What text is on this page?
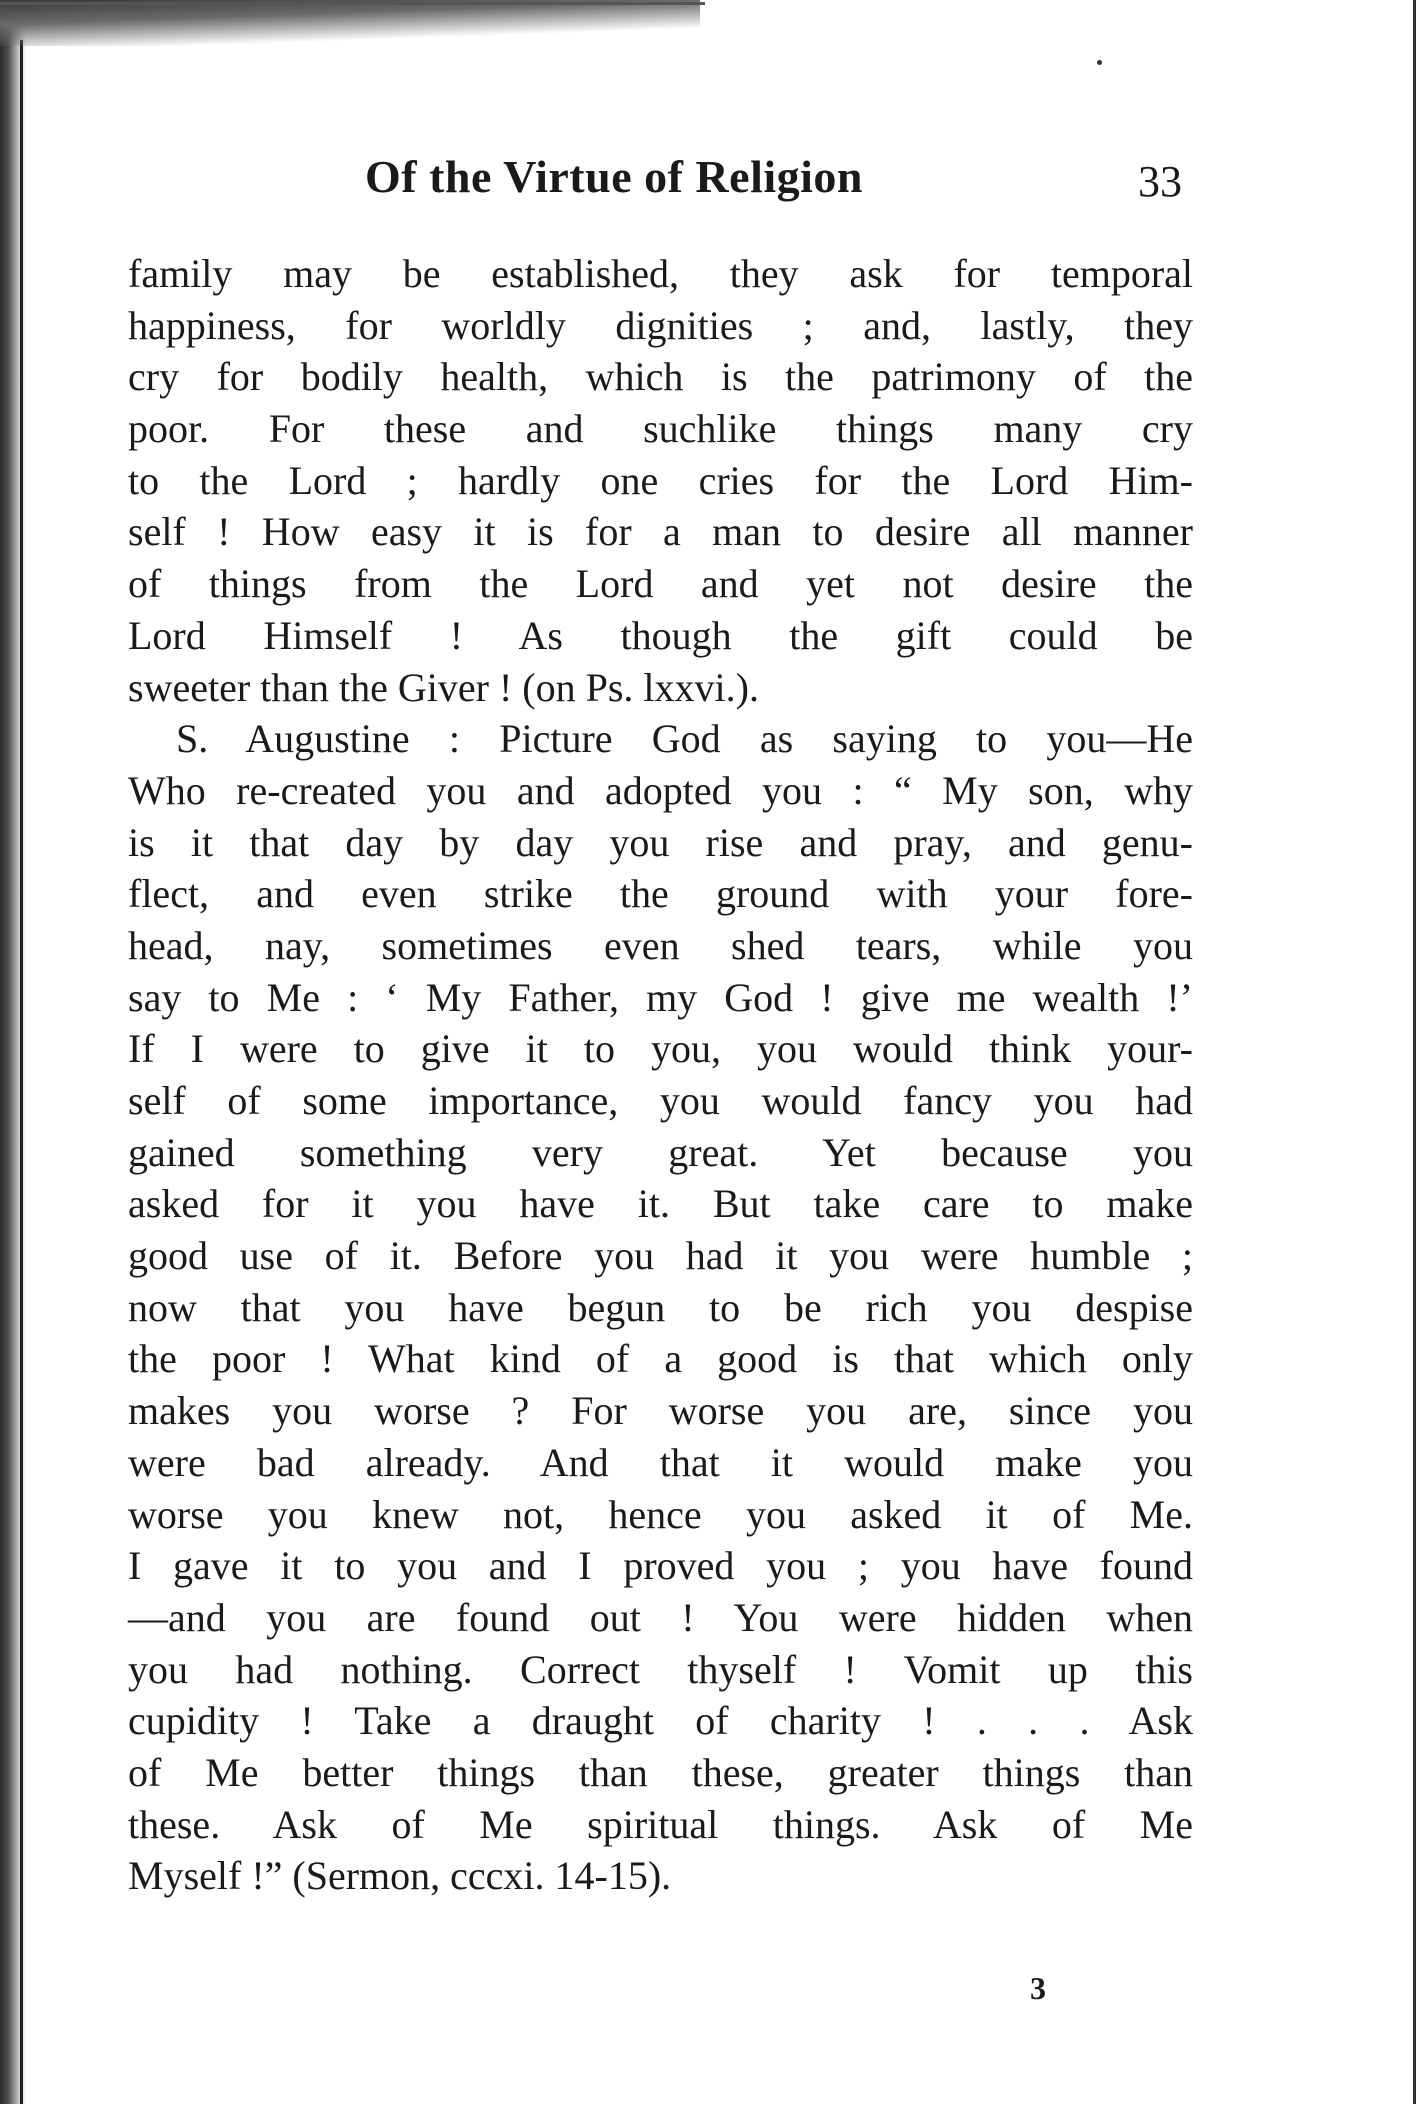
Of the Virtue of Religion	33
family may be established, they ask for temporal
happiness, for worldly dignities ; and, lastly, they
cry for bodily health, which is the patrimony of the
poor. For these and suchlike things many cry
to the Lord ; hardly one cries for the Lord Him-
self ! How easy it is for a man to desire all manner
of things from the Lord and yet not desire the
Lord Himself ! As though the gift could be
sweeter than the Giver ! (on Ps. lxxvi.).
S. Augustine : Picture God as saying to you—He
Who re-created you and adopted you : “ My son, why
is it that day by day you rise and pray, and genu-
flect, and even strike the ground with your fore-
head, nay, sometimes even shed tears, while you
say to Me : ‘ My Father, my God ! give me wealth !’
If I were to give it to you, you would think your-
self of some importance, you would fancy you had
gained something very great. Yet because you
asked for it you have it. But take care to make
good use of it. Before you had it you were humble ;
now that you have begun to be rich you despise
the poor ! What kind of a good is that which only
makes you worse ? For worse you are, since you
were bad already. And that it would make you
worse you knew not, hence you asked it of Me.
I gave it to you and I proved you ; you have found
—and you are found out ! You were hidden when
you had nothing. Correct thyself ! Vomit up this
cupidity ! Take a draught of charity ! . . . Ask
of Me better things than these, greater things than
these. Ask of Me spiritual things. Ask of Me
Myself !” (Sermon, cccxi. 14-15).
3
